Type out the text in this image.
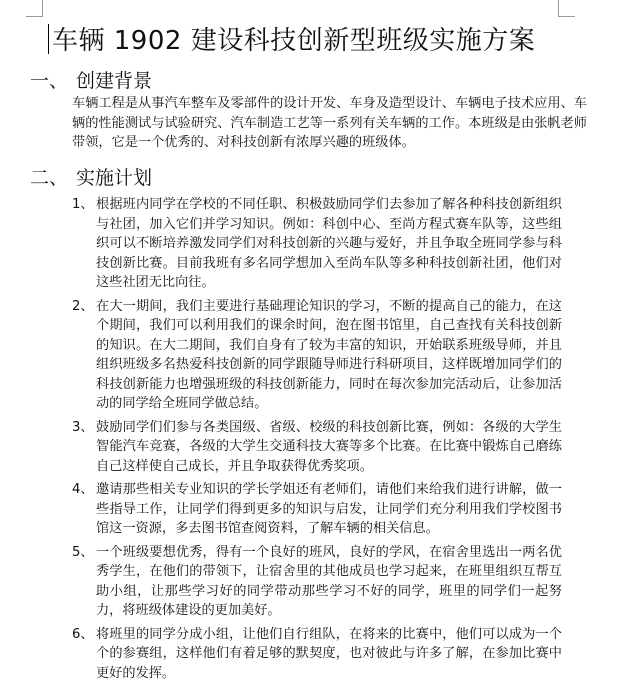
车辆 1902 建设科技创新型班级实施方案
一、 创建背景

车辆工程是从事汽车整车及零部件的设计开发、车身及造型设计、车辆电子技术应用、车辆的性能测试与试验研究、汽车制造工艺等一系列有关车辆的工作。本班级是由张帆老师带领，它是一个优秀的、对科技创新有浓厚兴趣的班级体。

二、 实施计划
1、 根据班内同学在学校的不同任职、积极鼓励同学们去参加了解各种科技创新组织与社团，加入它们并学习知识。例如：科创中心、至尚方程式赛车队等，这些组织可以不断培养激发同学们对科技创新的兴趣与爱好，并且争取全班同学参与科技创新比赛。目前我班有多名同学想加入至尚车队等多种科技创新社团，他们对这些社团无比向往。
2、 在大一期间，我们主要进行基础理论知识的学习，不断的提高自己的能力，在这个期间，我们可以利用我们的课余时间，泡在图书馆里，自己查找有关科技创新的知识。在大二期间，我们自身有了较为丰富的知识，开始联系班级导师，并且组织班级多名热爱科技创新的同学跟随导师进行科研项目，这样既增加同学们的科技创新能力也增强班级的科技创新能力，同时在每次参加完活动后，让参加活动的同学给全班同学做总结。
3、 鼓励同学们们参与各类国级、省级、校级的科技创新比赛，例如：各级的大学生智能汽车竞赛，各级的大学生交通科技大赛等多个比赛。在比赛中锻炼自己磨练自己这样使自己成长，并且争取获得优秀奖项。
4、 邀请那些相关专业知识的学长学姐还有老师们，请他们来给我们进行讲解，做一些指导工作，让同学们得到更多的知识与启发，让同学们充分利用我们学校图书馆这一资源，多去图书馆查阅资料，了解车辆的相关信息。
5、 一个班级要想优秀，得有一个良好的班风，良好的学风，在宿舍里选出一两名优秀学生，在他们的带领下，让宿舍里的其他成员也学习起来，在班里组织互帮互助小组，让那些学习好的同学带动那些学习不好的同学，班里的同学们一起努力，将班级体建设的更加美好。
6、 将班里的同学分成小组，让他们自行组队，在将来的比赛中，他们可以成为一个个的参赛组，这样他们有着足够的默契度，也对彼此与许多了解，在参加比赛中更好的发挥。
